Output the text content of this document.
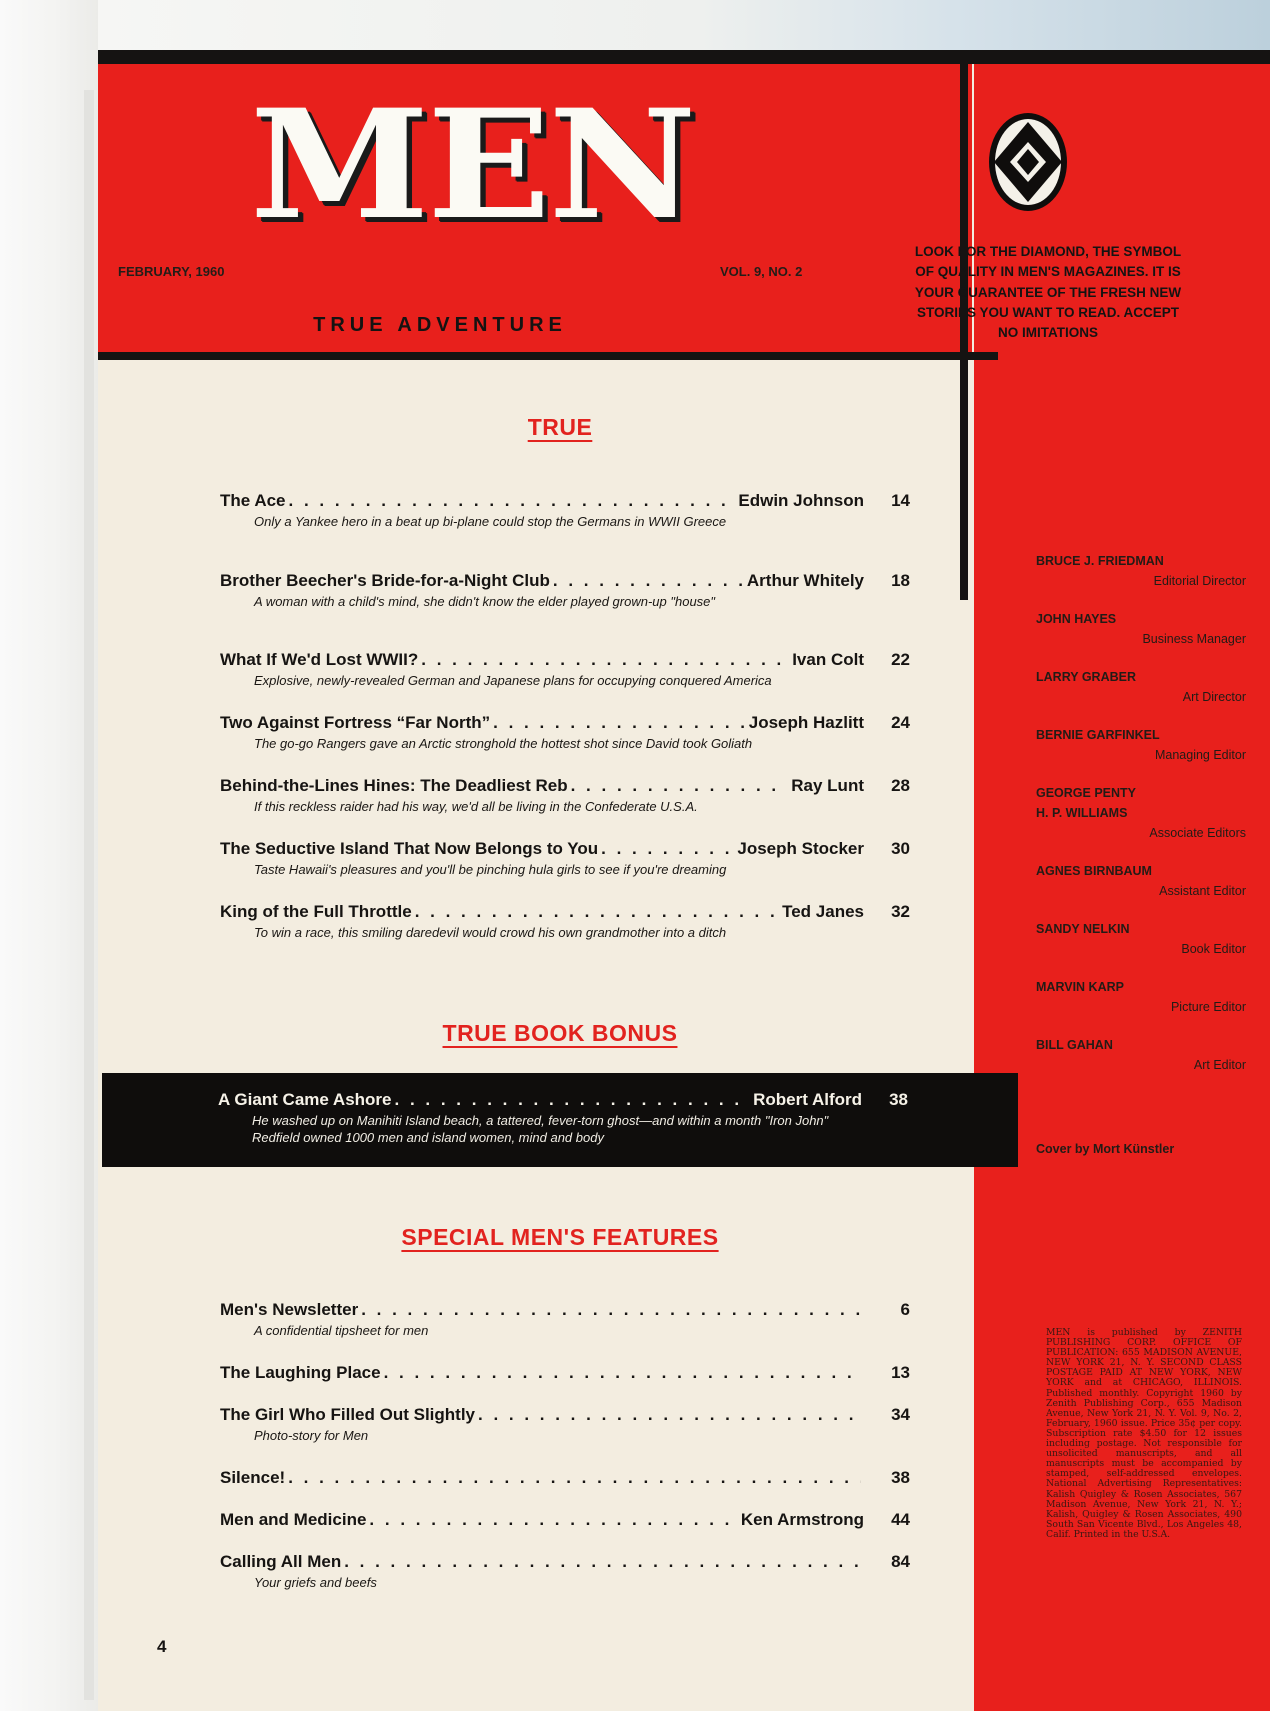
MEN
FEBRUARY, 1960	VOL. 9, NO. 2
TRUE ADVENTURE
LOOK FOR THE DIAMOND, THE SYMBOL OF QUALITY IN MEN'S MAGAZINES. IT IS YOUR GUARANTEE OF THE FRESH NEW STORIES YOU WANT TO READ. ACCEPT NO IMITATIONS
TRUE
The Ace . . .	Edwin Johnson	14
Only a Yankee hero in a beat up bi-plane could stop the Germans in WWII Greece
Brother Beecher's Bride-for-a-Night Club . . .	Arthur Whitely	18
A woman with a child's mind, she didn't know the elder played grown-up "house"
What If We'd Lost WWII? . . .	Ivan Colt	22
Explosive, newly-revealed German and Japanese plans for occupying conquered America
Two Against Fortress “Far North” . . .	Joseph Hazlitt	24
The go-go Rangers gave an Arctic stronghold the hottest shot since David took Goliath
Behind-the-Lines Hines: The Deadliest Reb . . .	Ray Lunt	28
If this reckless raider had his way, we'd all be living in the Confederate U.S.A.
The Seductive Island That Now Belongs to You . . .	Joseph Stocker	30
Taste Hawaii's pleasures and you'll be pinching hula girls to see if you're dreaming
King of the Full Throttle . . .	Ted Janes	32
To win a race, this smiling daredevil would crowd his own grandmother into a ditch
TRUE BOOK BONUS
A Giant Came Ashore . . .	Robert Alford	38
He washed up on Manihiti Island beach, a tattered, fever-torn ghost—and within a month "Iron John" Redfield owned 1000 men and island women, mind and body
SPECIAL MEN'S FEATURES
Men's Newsletter . . .	6
A confidential tipsheet for men
The Laughing Place . . .	13
The Girl Who Filled Out Slightly . . .	34
Photo-story for Men
Silence! . . .	38
Men and Medicine . . .	Ken Armstrong	44
Calling All Men . . .	84
Your griefs and beefs
BRUCE J. FRIEDMAN
Editorial Director
JOHN HAYES
Business Manager
LARRY GRABER
Art Director
BERNIE GARFINKEL
Managing Editor
GEORGE PENTY
H. P. WILLIAMS
Associate Editors
AGNES BIRNBAUM
Assistant Editor
SANDY NELKIN
Book Editor
MARVIN KARP
Picture Editor
BILL GAHAN
Art Editor
Cover by Mort Künstler
MEN is published by ZENITH PUBLISHING CORP. OFFICE OF PUBLICATION: 655 MADISON AVENUE, NEW YORK 21, N. Y. SECOND CLASS POSTAGE PAID AT NEW YORK, NEW YORK and at CHICAGO, ILLINOIS. Published monthly. Copyright 1960 by Zenith Publishing Corp., 655 Madison Avenue, New York 21, N. Y. Vol. 9, No. 2, February, 1960 issue. Price 35¢ per copy. Subscription rate $4.50 for 12 issues including postage. Not responsible for unsolicited manuscripts, and all manuscripts must be accompanied by stamped, self-addressed envelopes. National Advertising Representatives: Kalish Quigley & Rosen Associates, 567 Madison Avenue, New York 21, N. Y.; Kalish, Quigley & Rosen Associates, 490 South San Vicente Blvd., Los Angeles 48, Calif. Printed in the U.S.A.
4
